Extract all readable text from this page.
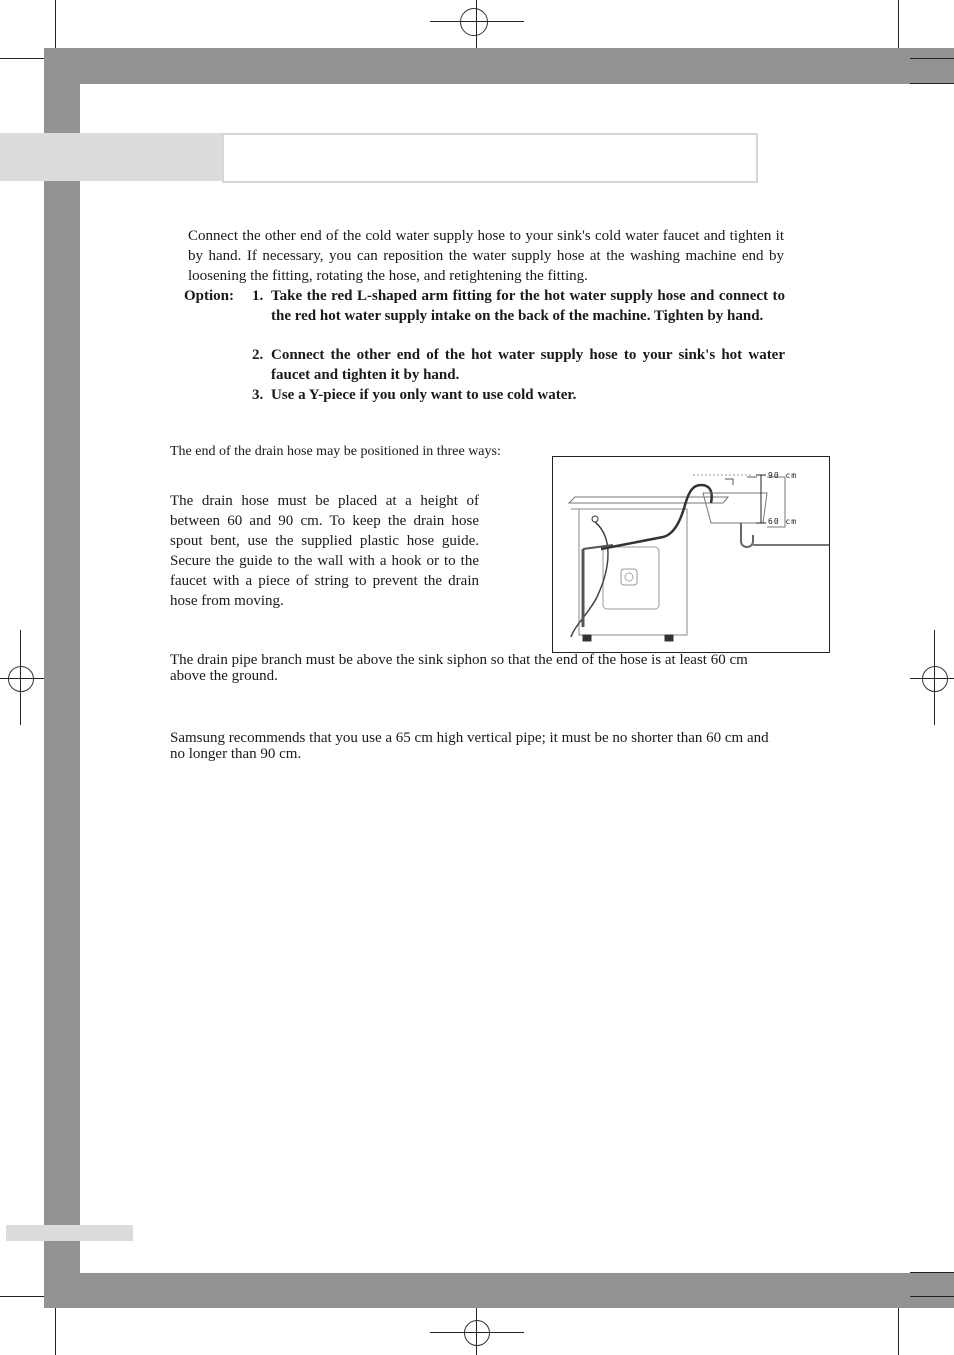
Connect the other end of the cold water supply hose to your sink's cold water faucet and tighten it by hand. If necessary, you can reposition the water supply hose at the washing machine end by loosening the fitting, rotating the hose, and retightening the fitting.

Option: 1. Take the red L-shaped arm fitting for the hot water supply hose and connect to the red hot water supply intake on the back of the machine. Tighten by hand.
2. Connect the other end of the hot water supply hose to your sink's hot water faucet and tighten it by hand.
3. Use a Y-piece if you only want to use cold water.

The end of the drain hose may be positioned in three ways:

The drain hose must be placed at a height of between 60 and 90 cm. To keep the drain hose spout bent, use the supplied plastic hose guide. Secure the guide to the wall with a hook or to the faucet with a piece of string to prevent the drain hose from moving.

90 cm
60 cm

The drain pipe branch must be above the sink siphon so that the end of the hose is at least 60 cm above the ground.

Samsung recommends that you use a 65 cm high vertical pipe; it must be no shorter than 60 cm and no longer than 90 cm.
